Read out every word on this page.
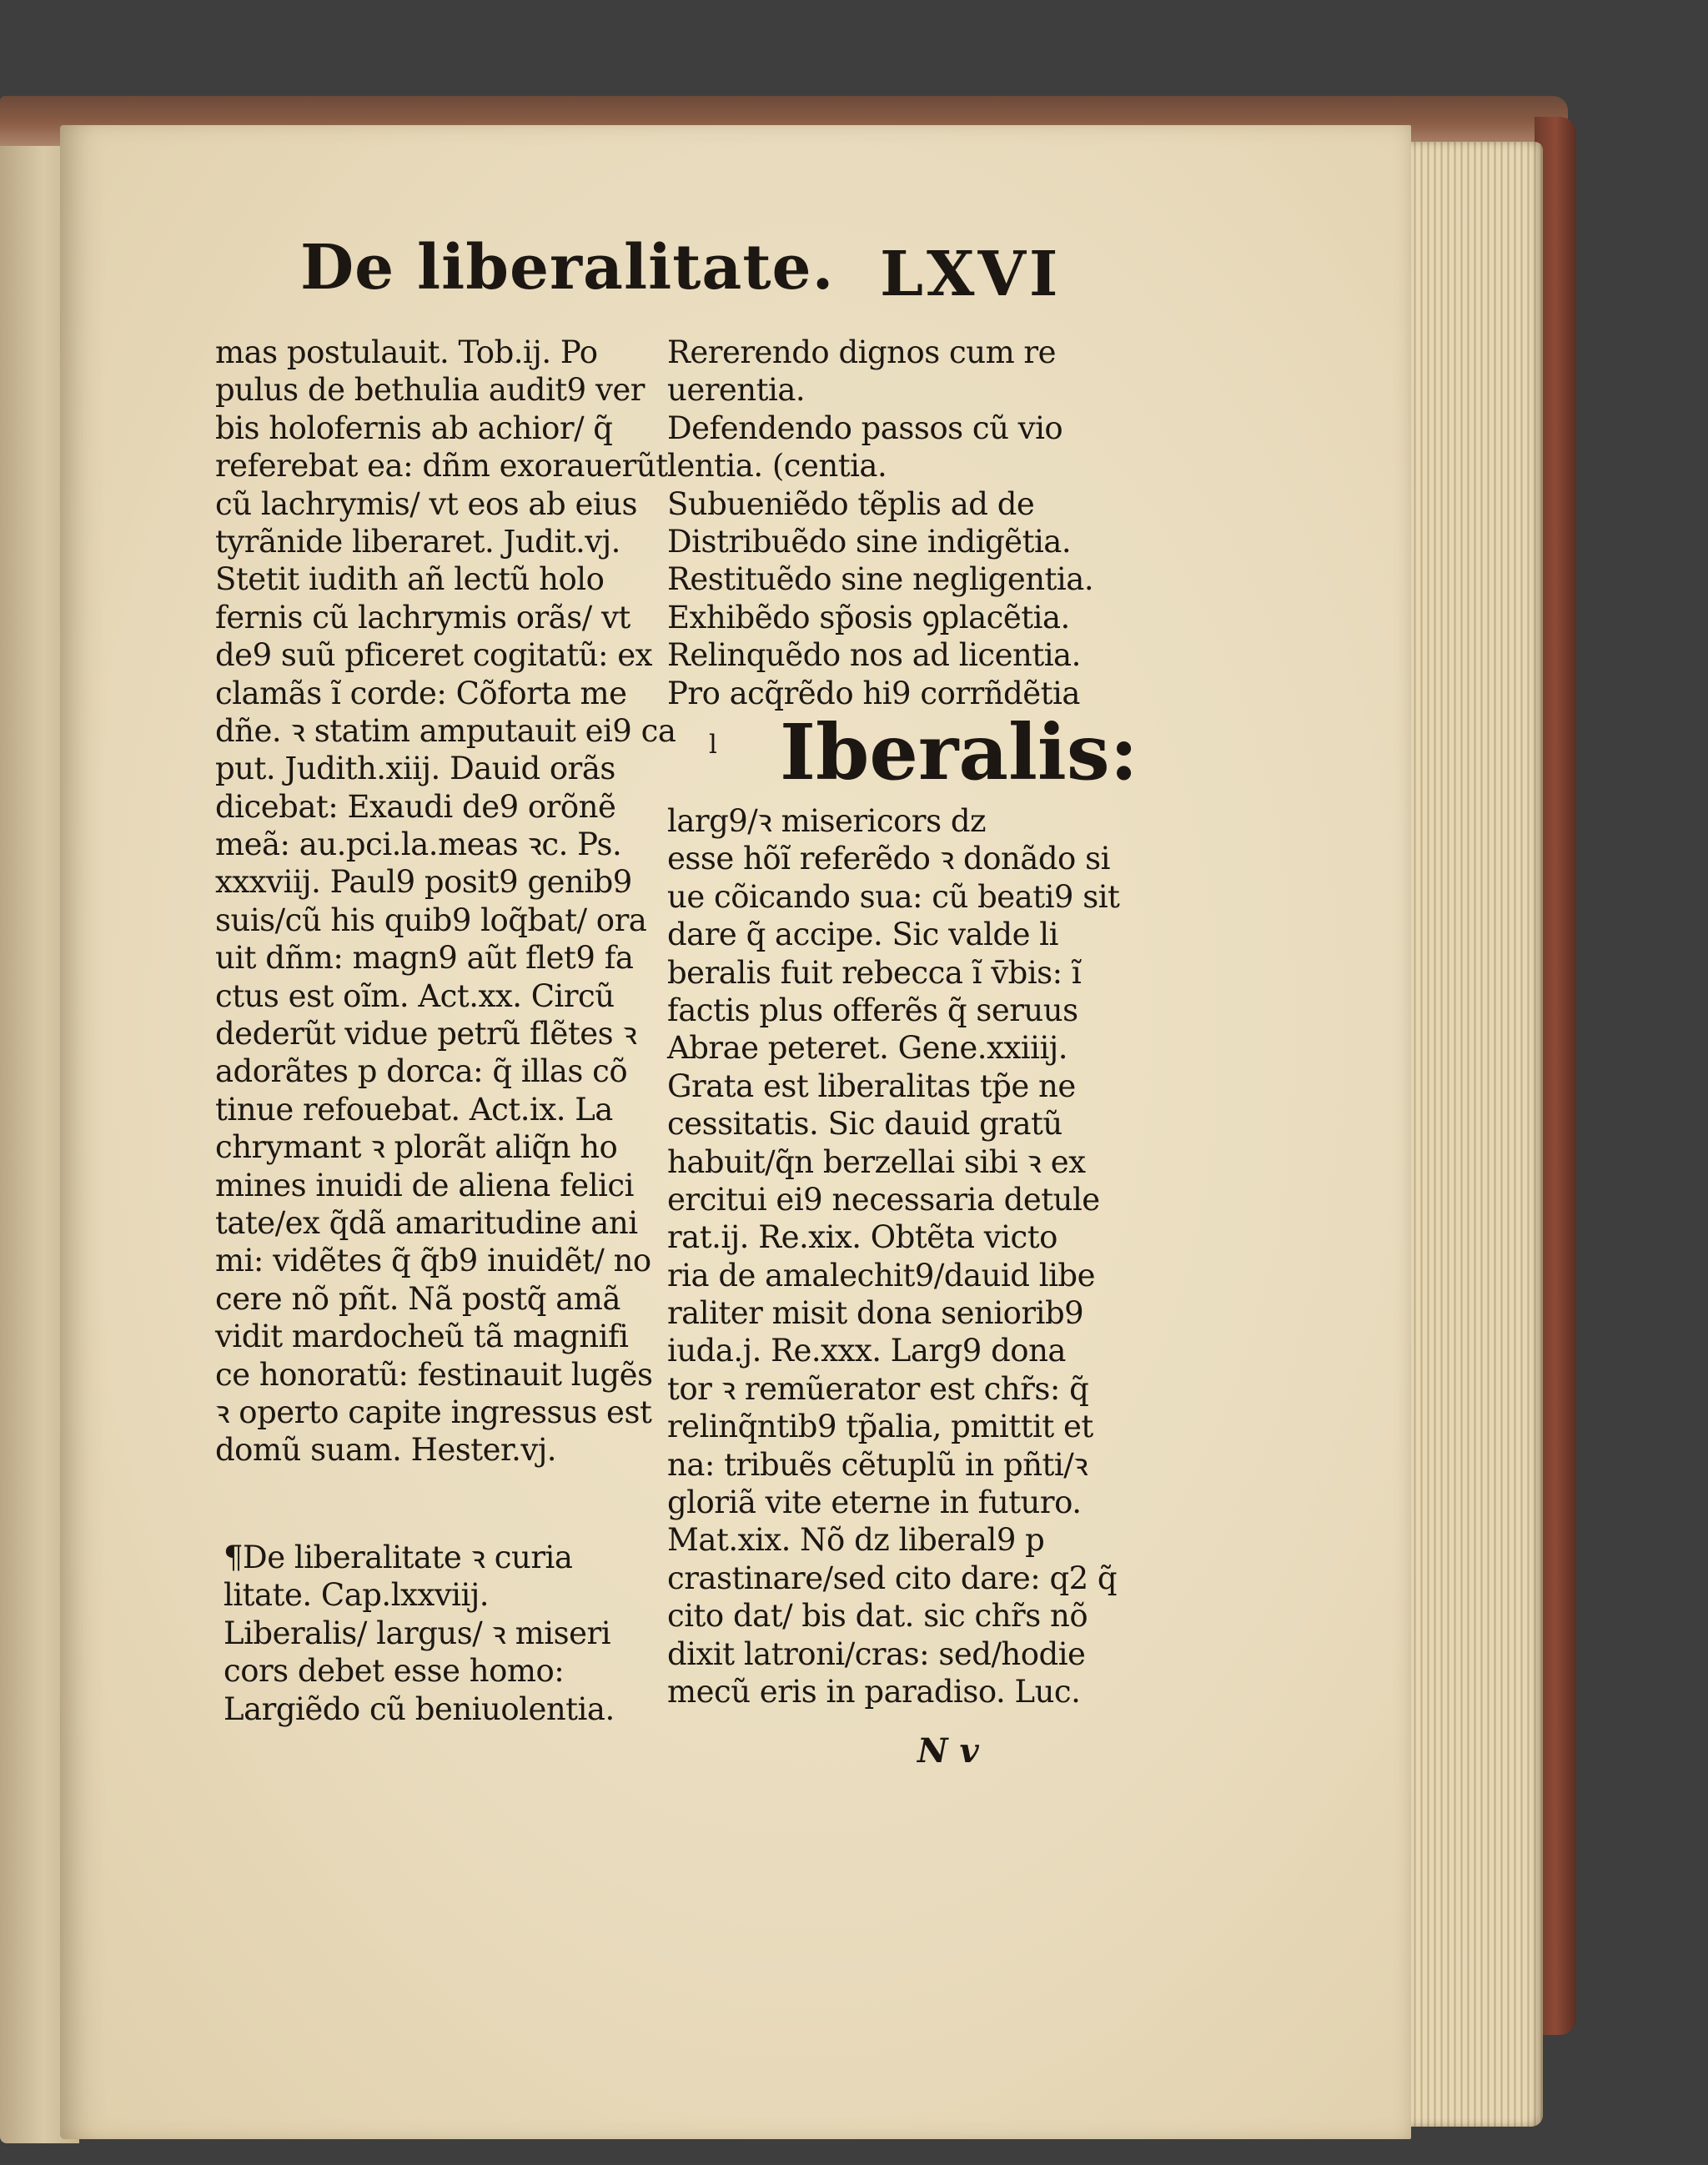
De liberalitate. LXVI

mas postulauit. Tob.ij. Po
pulus de bethulia audit9 ver
bis holofernis ab achior/ q̃
referebat ea: dñm exorauerũt
cũ lachrymis/ vt eos ab eius
tyrãnide liberaret. Judit.vj.
Stetit iudith añ lectũ holo
fernis cũ lachrymis orãs/ vt
de9 suũ pficeret cogitatũ: ex
clamãs ĩ corde: Cõforta me
dñe. ꝛ statim amputauit ei9 ca
put. Judith.xiij. Dauid orãs
dicebat: Exaudi de9 orõnẽ
meã: au.pci.la.meas ꝛc. Ps.
xxxviij. Paul9 posit9 genib9
suis/cũ his quib9 loq̃bat/ ora
uit dñm: magn9 aũt flet9 fa
ctus est oĩm. Act.xx. Circũ
dederũt vidue petrũ flẽtes ꝛ
adorãtes p dorca: q̃ illas cõ
tinue refouebat. Act.ix. La
chrymant ꝛ plorãt aliq̃n ho
mines inuidi de aliena felici
tate/ex q̃dã amaritudine ani
mi: vidẽtes q̃ q̃b9 inuidẽt/ no
cere nõ pñt. Nã postq̃ amã
vidit mardocheũ tã magnifi
ce honoratũ: festinauit lugẽs
ꝛ operto capite ingressus est
domũ suam. Hester.vj.
¶De liberalitate ꝛ curia
litate. Cap.lxxviij.
Liberalis/ largus/ ꝛ miseri
cors debet esse homo:
Largiẽdo cũ beniuolentia.
Rererendo dignos cum re
uerentia.
Defendendo passos cũ vio
lentia. (centia.
Subueniẽdo tẽplis ad de
Distribuẽdo sine indigẽtia.
Restituẽdo sine negligentia.
Exhibẽdo sp̃osis ꝯplacẽtia.
Relinquẽdo nos ad licentia.
Pro acq̃rẽdo hi9 corrñdẽtia

l Iberalis:

larg9/ꝛ misericors dz
esse hõĩ referẽdo ꝛ donãdo si
ue cõicando sua: cũ beati9 sit
dare q̃ accipe. Sic valde li
beralis fuit rebecca ĩ v̄bis: ĩ
factis plus offerẽs q̃ seruus
Abrae peteret. Gene.xxiiij.
Grata est liberalitas tp̃e ne
cessitatis. Sic dauid gratũ
habuit/q̃n berzellai sibi ꝛ ex
ercitui ei9 necessaria detule
rat.ij. Re.xix. Obtẽta victo
ria de amalechit9/dauid libe
raliter misit dona seniorib9
iuda.j. Re.xxx. Larg9 dona
tor ꝛ remũerator est chr̃s: q̃
relinq̃ntib9 tp̃alia, pmittit et
na: tribuẽs cẽtuplũ in pñti/ꝛ
gloriã vite eterne in futuro.
Mat.xix. Nõ dz liberal9 p
crastinare/sed cito dare: q2 q̃
cito dat/ bis dat. sic chr̃s nõ
dixit latroni/cras: sed/hodie
mecũ eris in paradiso. Luc.

N v
